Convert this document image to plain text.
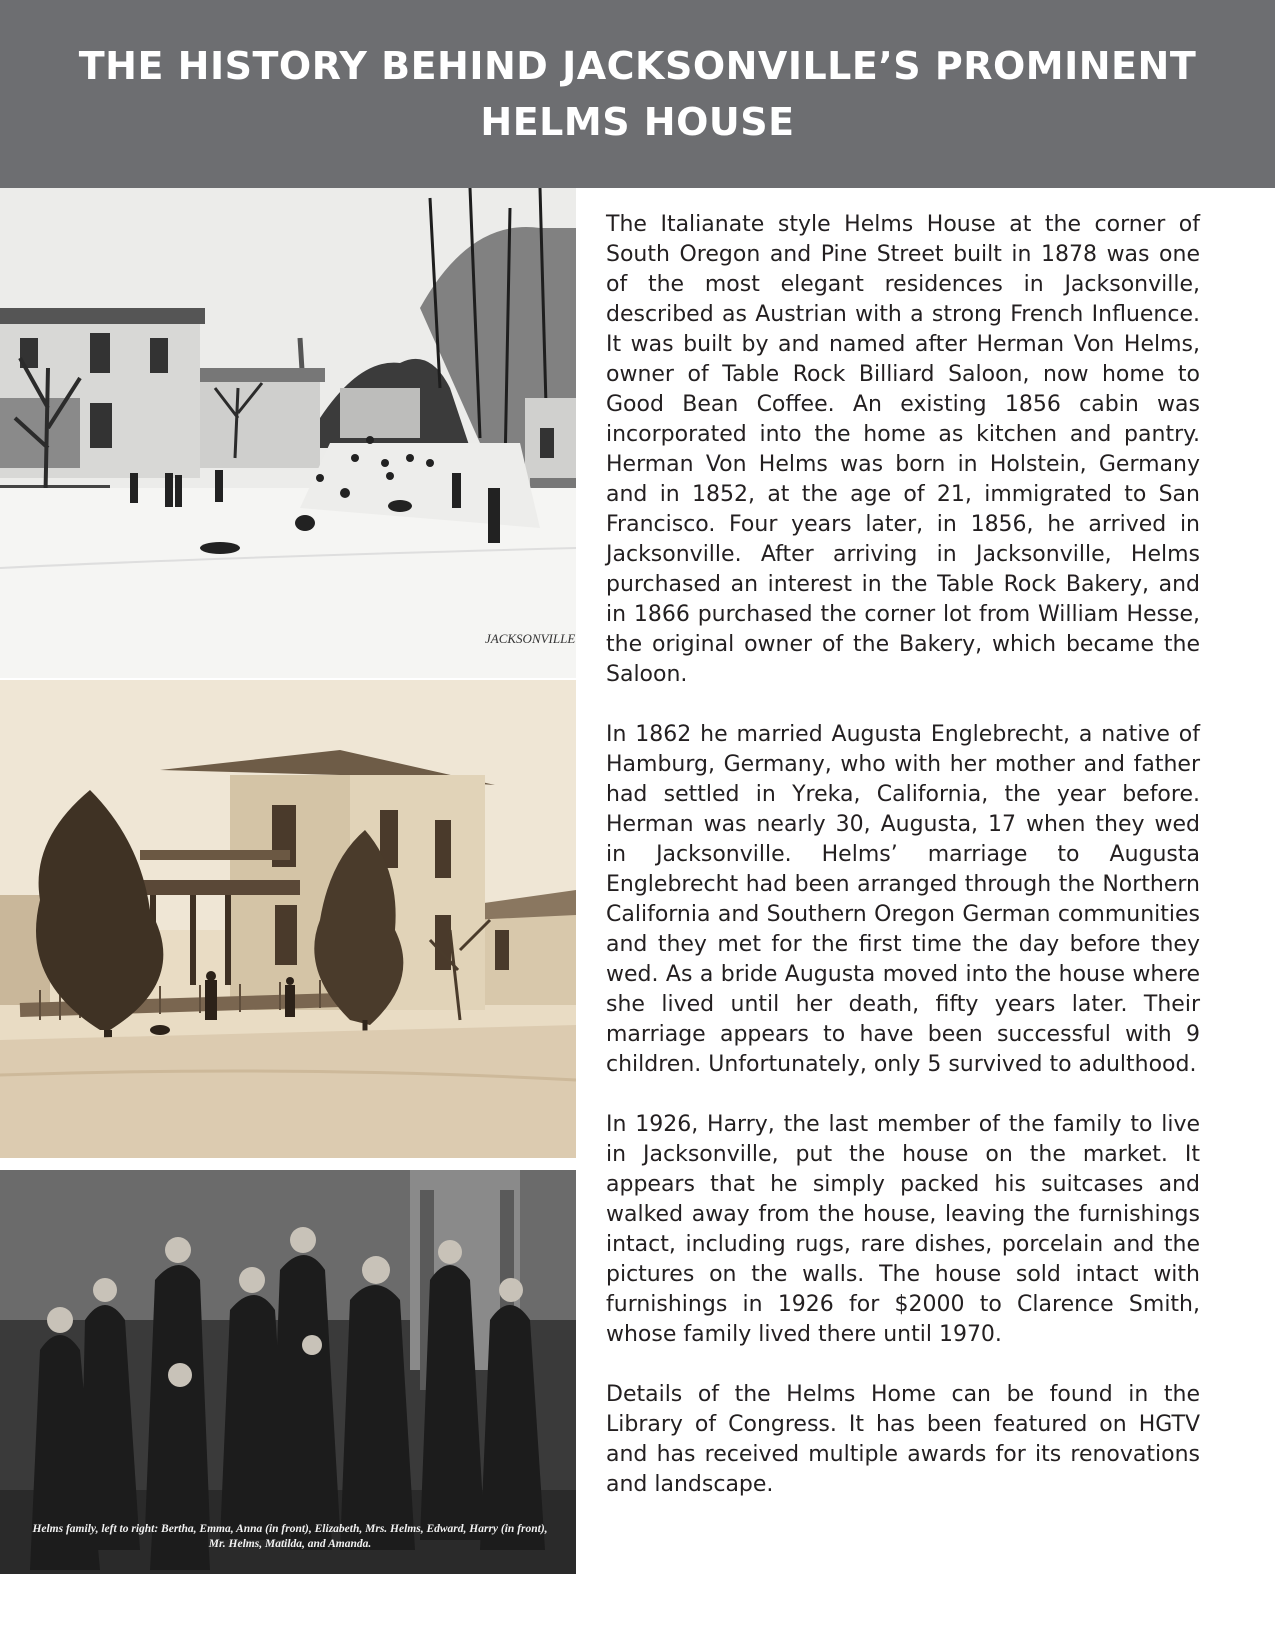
THE HISTORY BEHIND JACKSONVILLE’S PROMINENT HELMS HOUSE
JACKSONVILLE
Helms family, left to right: Bertha, Emma, Anna (in front), Elizabeth, Mrs. Helms, Edward, Harry (in front), Mr. Helms, Matilda, and Amanda.

The Italianate style Helms House at the corner of South Oregon and Pine Street built in 1878 was one of the most elegant residences in Jacksonville, described as Austrian with a strong French Influence. It was built by and named after Herman Von Helms, owner of Table Rock Billiard Saloon, now home to Good Bean Coffee. An existing 1856 cabin was incorporated into the home as kitchen and pantry. Herman Von Helms was born in Holstein, Germany and in 1852, at the age of 21, immigrated to San Francisco. Four years later, in 1856, he arrived in Jacksonville. After arriving in Jacksonville, Helms purchased an interest in the Table Rock Bakery, and in 1866 purchased the corner lot from William Hesse, the original owner of the Bakery, which became the Saloon.

In 1862 he married Augusta Englebrecht, a native of Hamburg, Germany, who with her mother and father had settled in Yreka, California, the year before. Herman was nearly 30, Augusta, 17 when they wed in Jacksonville. Helms’ marriage to Augusta Englebrecht had been arranged through the Northern California and Southern Oregon German communities and they met for the first time the day before they wed. As a bride Augusta moved into the house where she lived until her death, fifty years later. Their marriage appears to have been successful with 9 children. Unfortunately, only 5 survived to adulthood.

In 1926, Harry, the last member of the family to live in Jacksonville, put the house on the market. It appears that he simply packed his suitcases and walked away from the house, leaving the furnishings intact, including rugs, rare dishes, porcelain and the pictures on the walls. The house sold intact with furnishings in 1926 for $2000 to Clarence Smith, whose family lived there until 1970.

Details of the Helms Home can be found in the Library of Congress. It has been featured on HGTV and has received multiple awards for its renovations and landscape.
